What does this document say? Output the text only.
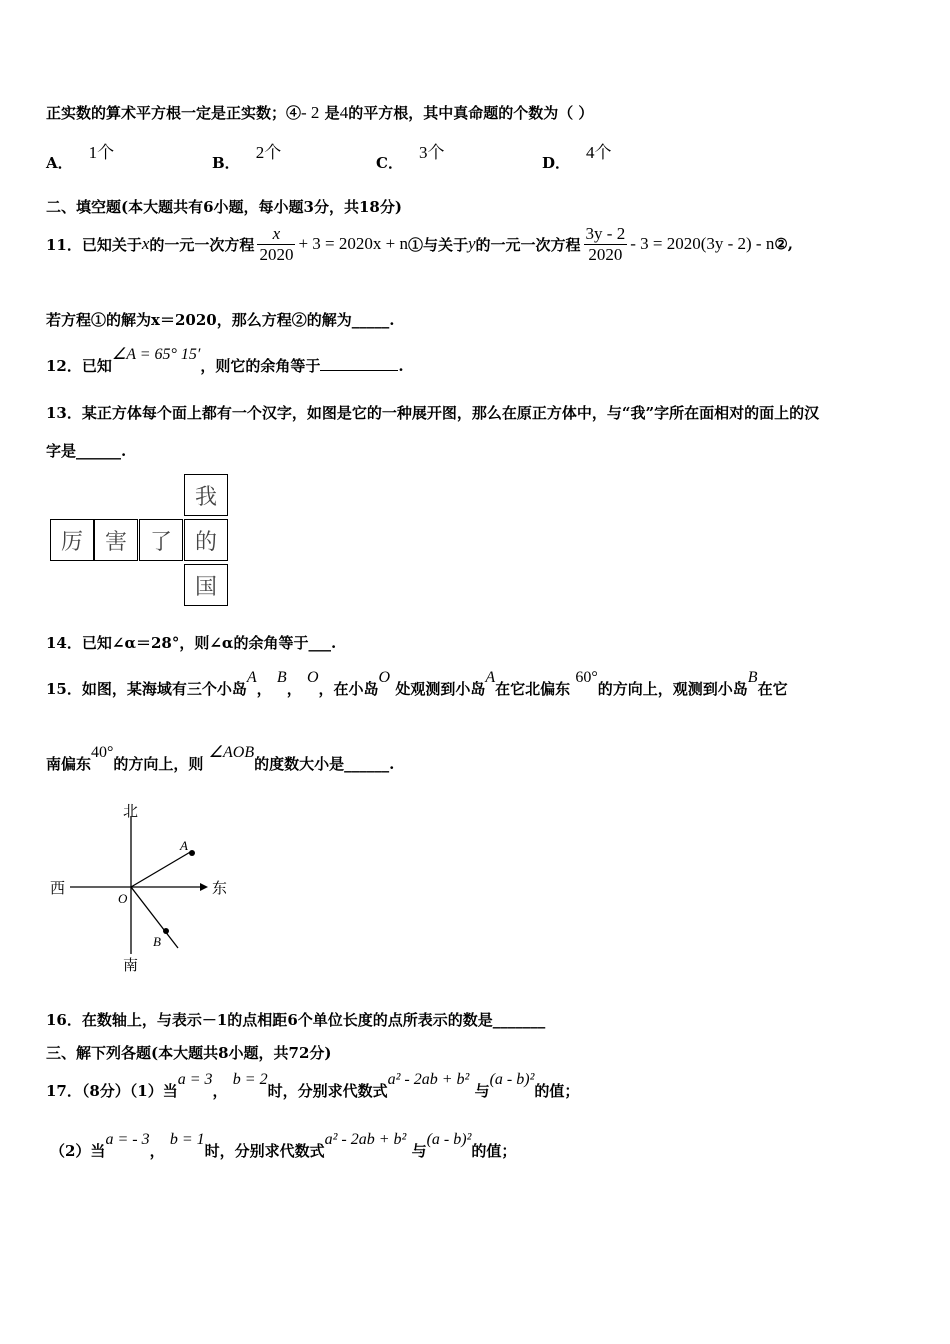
正实数的算术平方根一定是正实数；④- 2 是4的平方根，其中真命题的个数为（ ）
A．1个
B．2个
C．3个
D．4个
二、填空题(本大题共有6小题，每小题3分，共18分)
11．已知关于 x 的一元一次方程 $\frac{x}{2020} + 3 = 2020x + n$ ①与关于 y 的一元一次方程 $\frac{3y - 2}{2020} - 3 = 2020(3y - 2) - n$ ②,
若方程①的解为x＝2020，那么方程②的解为_____.
12．已知∠A = 65° 15′，则它的余角等于	.
13．某正方体每个面上都有一个汉字，如图是它的一种展开图，那么在原正方体中，与“我”字所在面相对的面上的汉
字是______.
我
厉 害	了	的
国
14．已知∠α＝28°，则∠α的余角等于___.
15．如图，某海域有三个小岛A， B， O，在小岛O 处观测到小岛A在它北偏东 60°的方向上，观测到小岛B在它
南偏东40°的方向上，则 ∠AOB的度数大小是______.
北
南
东
西
O
A
B
16．在数轴上，与表示－1的点相距6个单位长度的点所表示的数是_______
三、解下列各题(本大题共8小题，共72分)
17．（8分）（1）当a = 3， b = 2时，分别求代数式a² - 2ab + b² 与(a - b)²的值；
（2）当a = - 3， b = 1时，分别求代数式a² - 2ab + b² 与(a - b)²的值；
